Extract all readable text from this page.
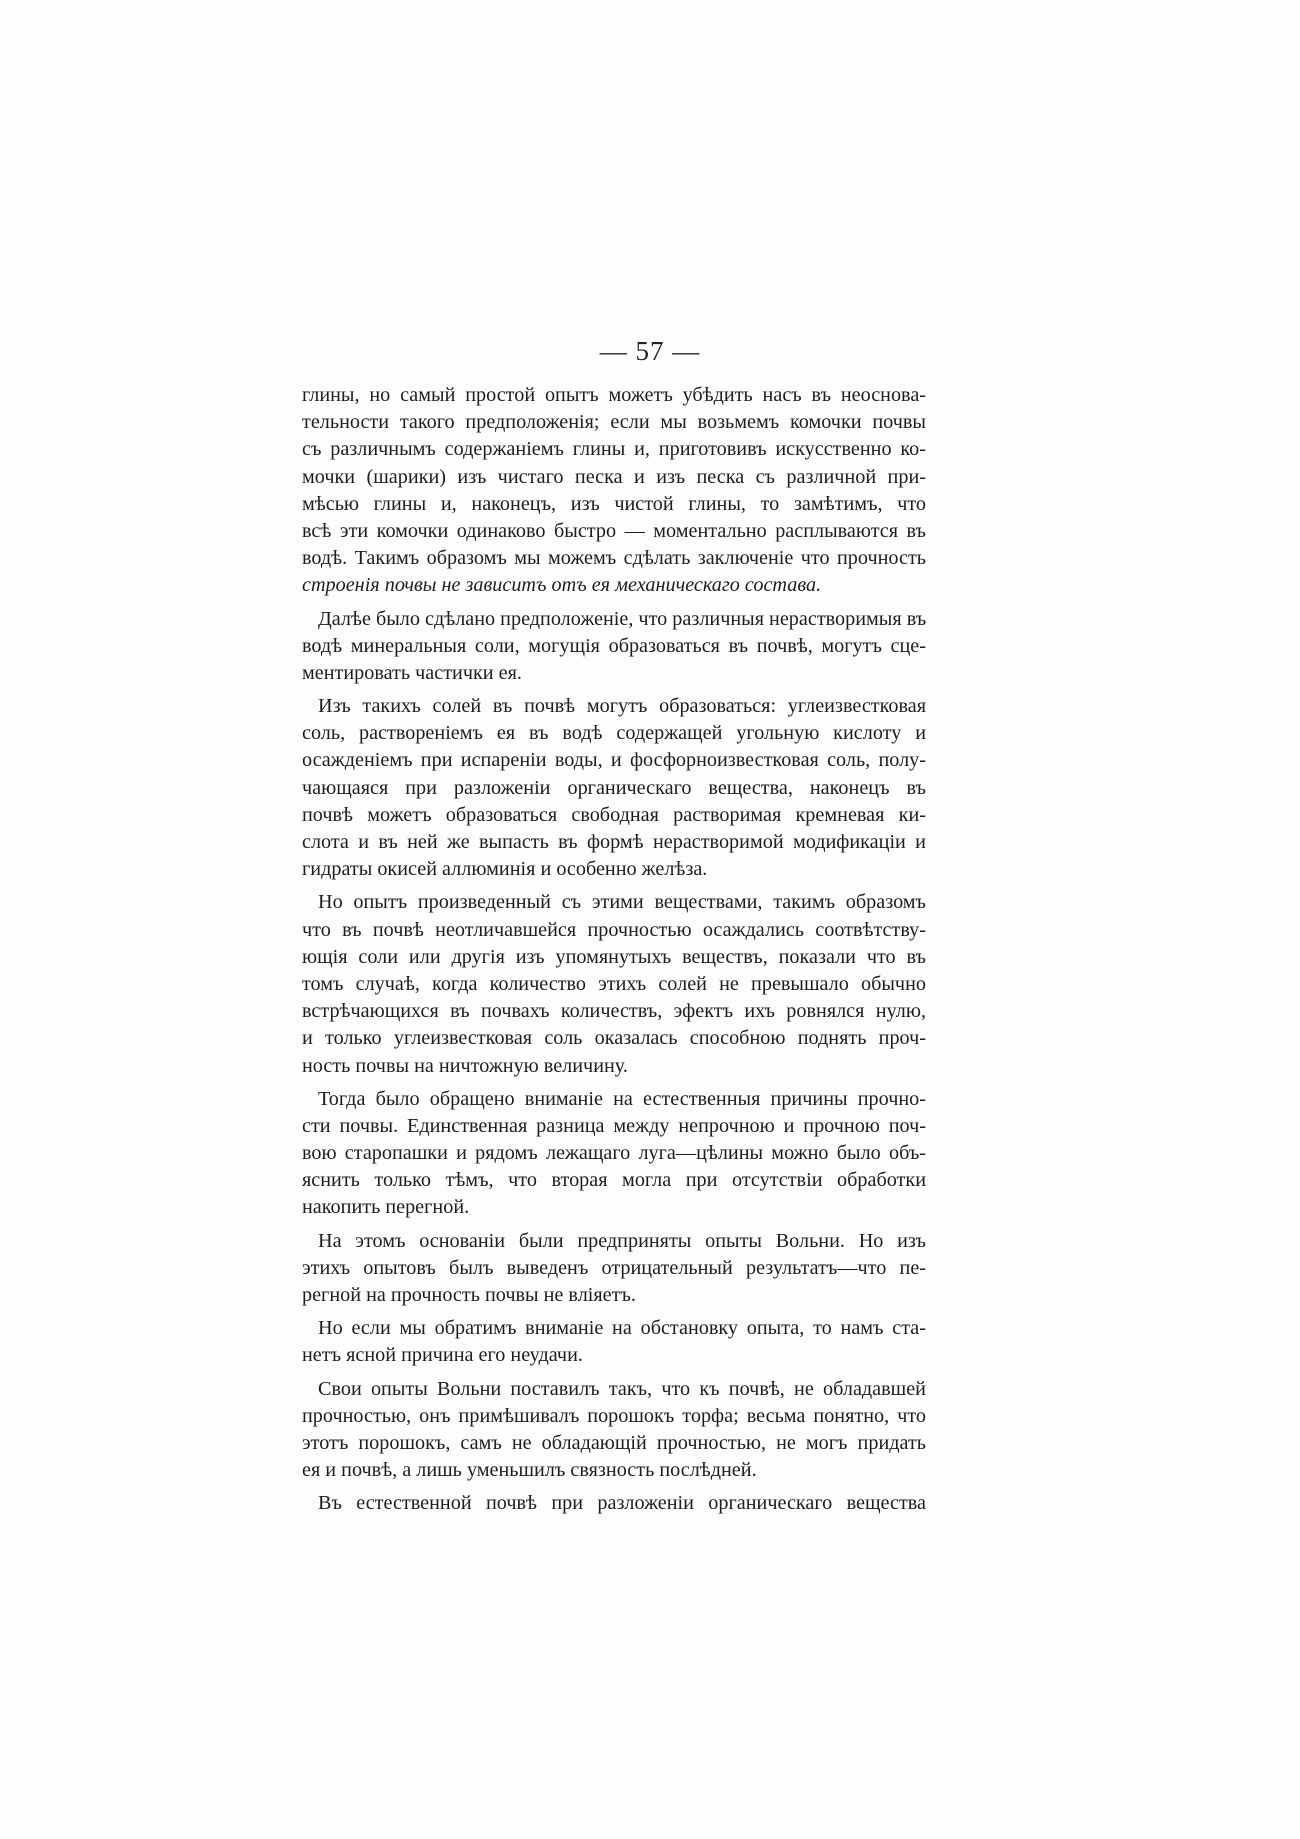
— 57 —
глины, но самый простой опытъ можетъ убѣдить насъ въ неоснова-
тельности такого предположенія; если мы возьмемъ комочки почвы
съ различнымъ содержаніемъ глины и, приготовивъ искусственно ко-
мочки (шарики) изъ чистаго песка и изъ песка съ различной при-
мѣсью глины и, наконецъ, изъ чистой глины, то замѣтимъ, что
всѣ эти комочки одинаково быстро — моментально расплываются въ
водѣ. Такимъ образомъ мы можемъ сдѣлать заключеніе что прочность
строенія почвы не зависитъ отъ ея механическаго состава.
Далѣе было сдѣлано предположеніе, что различныя нерастворимыя въ
водѣ минеральныя соли, могущія образоваться въ почвѣ, могутъ сце-
ментировать частички ея.
Изъ такихъ солей въ почвѣ могутъ образоваться: углеизвестковая
соль, раствореніемъ ея въ водѣ содержащей угольную кислоту и
осажденіемъ при испареніи воды, и фосфорноизвестковая соль, полу-
чающаяся при разложеніи органическаго вещества, наконецъ въ
почвѣ можетъ образоваться свободная растворимая кремневая ки-
слота и въ ней же выпасть въ формѣ нерастворимой модификаціи и
гидраты окисей аллюминія и особенно желѣза.
Но опытъ произведенный съ этими веществами, такимъ образомъ
что въ почвѣ неотличавшейся прочностью осаждались соотвѣтству-
ющія соли или другія изъ упомянутыхъ веществъ, показали что въ
томъ случаѣ, когда количество этихъ солей не превышало обычно
встрѣчающихся въ почвахъ количествъ, эфектъ ихъ ровнялся нулю,
и только углеизвестковая соль оказалась способною поднять проч-
ность почвы на ничтожную величину.
Тогда было обращено вниманіе на естественныя причины прочно-
сти почвы. Единственная разница между непрочною и прочною поч-
вою старопашки и рядомъ лежащаго луга—цѣлины можно было объ-
яснить только тѣмъ, что вторая могла при отсутствіи обработки
накопить перегной.
На этомъ основаніи были предприняты опыты Вольни. Но изъ
этихъ опытовъ былъ выведенъ отрицательный результатъ—что пе-
регной на прочность почвы не вліяетъ.
Но если мы обратимъ вниманіе на обстановку опыта, то намъ ста-
нетъ ясной причина его неудачи.
Свои опыты Вольни поставилъ такъ, что къ почвѣ, не обладавшей
прочностью, онъ примѣшивалъ порошокъ торфа; весьма понятно, что
этотъ порошокъ, самъ не обладающій прочностью, не могъ придать
ея и почвѣ, а лишь уменьшилъ связность послѣдней.
Въ естественной почвѣ при разложеніи органическаго вещества
